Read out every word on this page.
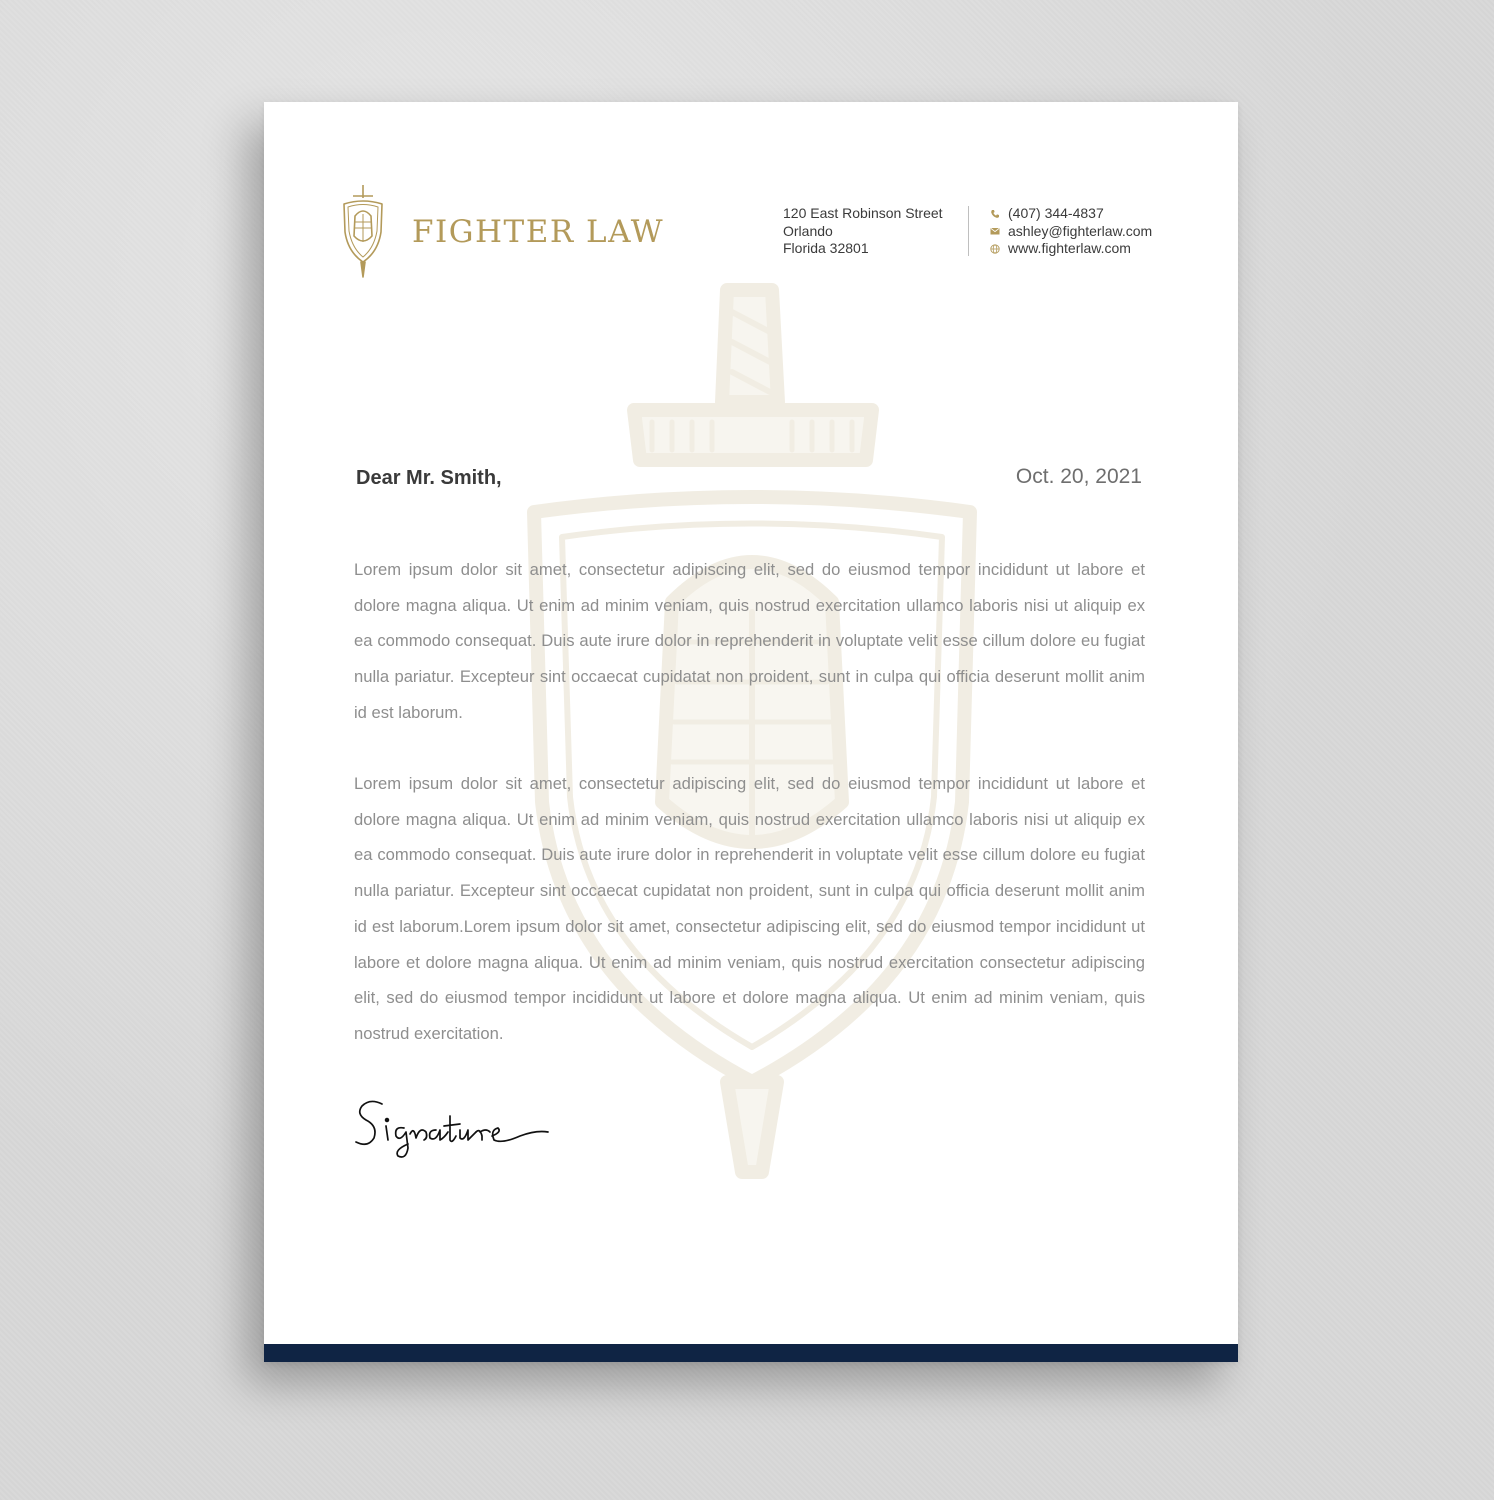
FIGHTER LAW
120 East Robinson Street
Orlando
Florida 32801
(407) 344-4837
ashley@fighterlaw.com
www.fighterlaw.com
Dear Mr. Smith,	Oct. 20, 2021

Lorem ipsum dolor sit amet, consectetur adipiscing elit, sed do eiusmod tempor incididunt ut labore et dolore magna aliqua. Ut enim ad minim veniam, quis nostrud exercitation ullamco laboris nisi ut aliquip ex ea commodo consequat. Duis aute irure dolor in reprehenderit in voluptate velit esse cillum dolore eu fugiat nulla pariatur. Excepteur sint occaecat cupidatat non proident, sunt in culpa qui officia deserunt mollit anim id est laborum.

Lorem ipsum dolor sit amet, consectetur adipiscing elit, sed do eiusmod tempor incididunt ut labore et dolore magna aliqua. Ut enim ad minim veniam, quis nostrud exercitation ullamco laboris nisi ut aliquip ex ea commodo consequat. Duis aute irure dolor in reprehenderit in voluptate velit esse cillum dolore eu fugiat nulla pariatur. Excepteur sint occaecat cupidatat non proident, sunt in culpa qui officia deserunt mollit anim id est laborum.Lorem ipsum dolor sit amet, consectetur adipiscing elit, sed do eiusmod tempor incididunt ut labore et dolore magna aliqua. Ut enim ad minim veniam, quis nostrud exercitation consectetur adipiscing elit, sed do eiusmod tempor incididunt ut labore et dolore magna aliqua. Ut enim ad minim veniam, quis nostrud exercitation.
